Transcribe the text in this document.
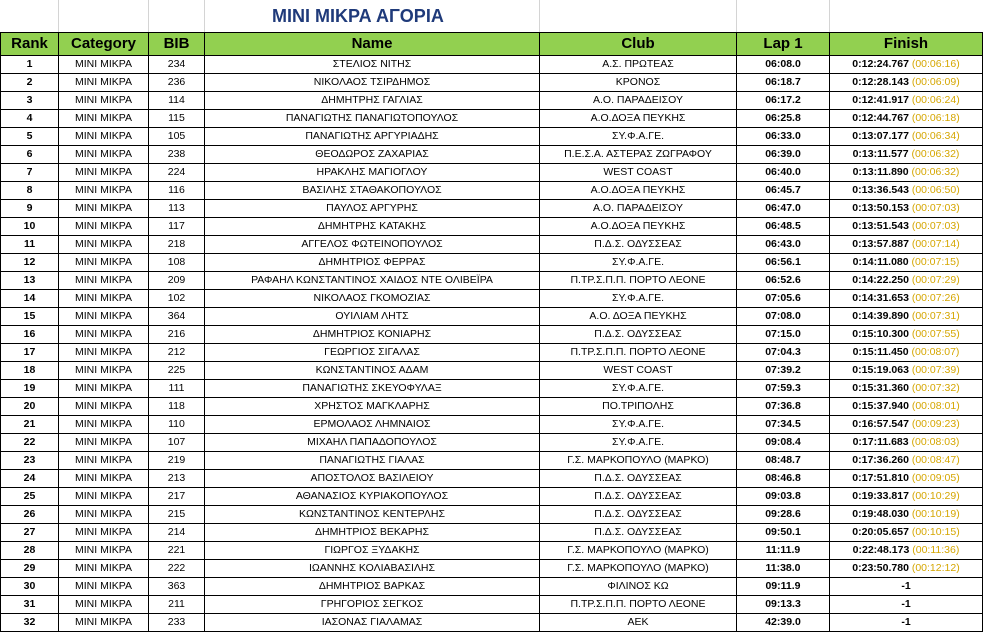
MINI ΜΙΚΡΑ ΑΓΟΡΙΑ
Rank	Category	BIB	Name	Club	Lap 1	Finish
1	MINI ΜΙΚΡΑ	234	ΣΤΕΛΙΟΣ ΝΙΤΗΣ	Α.Σ. ΠΡΩΤΕΑΣ	06:08.0	0:12:24.767 (00:06:16)
2	MINI ΜΙΚΡΑ	236	ΝΙΚΟΛΑΟΣ ΤΣΙΡΔΗΜΟΣ	ΚΡΟΝΟΣ	06:18.7	0:12:28.143 (00:06:09)
3	MINI ΜΙΚΡΑ	114	ΔΗΜΗΤΡΗΣ ΓΑΓΛΙΑΣ	Α.Ο. ΠΑΡΑΔΕΙΣΟΥ	06:17.2	0:12:41.917 (00:06:24)
4	MINI ΜΙΚΡΑ	115	ΠΑΝΑΓΙΩΤΗΣ ΠΑΝΑΓΙΩΤΟΠΟΥΛΟΣ	Α.Ο.ΔΟΞΑ ΠΕΥΚΗΣ	06:25.8	0:12:44.767 (00:06:18)
5	MINI ΜΙΚΡΑ	105	ΠΑΝΑΓΙΩΤΗΣ ΑΡΓΥΡΙΑΔΗΣ	ΣΥ.Φ.Α.ΓΕ.	06:33.0	0:13:07.177 (00:06:34)
6	MINI ΜΙΚΡΑ	238	ΘΕΟΔΩΡΟΣ ΖΑΧΑΡΙΑΣ	Π.Ε.Σ.Α. ΑΣΤΕΡΑΣ ΖΩΓΡΑΦΟΥ	06:39.0	0:13:11.577 (00:06:32)
7	MINI ΜΙΚΡΑ	224	ΗΡΑΚΛΗΣ ΜΑΓΙΟΓΛΟΥ	WEST COAST	06:40.0	0:13:11.890 (00:06:32)
8	MINI ΜΙΚΡΑ	116	ΒΑΣΙΛΗΣ ΣΤΑΘΑΚΟΠΟΥΛΟΣ	Α.Ο.ΔΟΞΑ ΠΕΥΚΗΣ	06:45.7	0:13:36.543 (00:06:50)
9	MINI ΜΙΚΡΑ	113	ΠΑΥΛΟΣ ΑΡΓΥΡΗΣ	Α.Ο. ΠΑΡΑΔΕΙΣΟΥ	06:47.0	0:13:50.153 (00:07:03)
10	MINI ΜΙΚΡΑ	117	ΔΗΜΗΤΡΗΣ ΚΑΤΑΚΗΣ	Α.Ο.ΔΟΞΑ ΠΕΥΚΗΣ	06:48.5	0:13:51.543 (00:07:03)
11	MINI ΜΙΚΡΑ	218	ΑΓΓΕΛΟΣ ΦΩΤΕΙΝΟΠΟΥΛΟΣ	Π.Δ.Σ. ΟΔΥΣΣΕΑΣ	06:43.0	0:13:57.887 (00:07:14)
12	MINI ΜΙΚΡΑ	108	ΔΗΜΗΤΡΙΟΣ ΦΕΡΡΑΣ	ΣΥ.Φ.Α.ΓΕ.	06:56.1	0:14:11.080 (00:07:15)
13	MINI ΜΙΚΡΑ	209	ΡΑΦΑΗΛ ΚΩΝΣΤΑΝΤΙΝΟΣ ΧΑΙΔΟΣ ΝΤΕ ΟΛΙΒΕΪΡΑ	Π.ΤΡ.Σ.Π.Π. ΠΟΡΤΟ ΛΕΟΝΕ	06:52.6	0:14:22.250 (00:07:29)
14	MINI ΜΙΚΡΑ	102	ΝΙΚΟΛΑΟΣ ΓΚΟΜΟΖΙΑΣ	ΣΥ.Φ.Α.ΓΕ.	07:05.6	0:14:31.653 (00:07:26)
15	MINI ΜΙΚΡΑ	364	ΟΥΙΛΙΑΜ ΛΗΤΣ	Α.Ο. ΔΟΞΑ ΠΕΥΚΗΣ	07:08.0	0:14:39.890 (00:07:31)
16	MINI ΜΙΚΡΑ	216	ΔΗΜΗΤΡΙΟΣ ΚΟΝΙΑΡΗΣ	Π.Δ.Σ. ΟΔΥΣΣΕΑΣ	07:15.0	0:15:10.300 (00:07:55)
17	MINI ΜΙΚΡΑ	212	ΓΕΩΡΓΙΟΣ ΣΙΓΑΛΑΣ	Π.ΤΡ.Σ.Π.Π. ΠΟΡΤΟ ΛΕΟΝΕ	07:04.3	0:15:11.450 (00:08:07)
18	MINI ΜΙΚΡΑ	225	ΚΩΝΣΤΑΝΤΙΝΟΣ ΑΔΑΜ	WEST COAST	07:39.2	0:15:19.063 (00:07:39)
19	MINI ΜΙΚΡΑ	111	ΠΑΝΑΓΙΩΤΗΣ ΣΚΕΥΟΦΥΛΑΞ	ΣΥ.Φ.Α.ΓΕ.	07:59.3	0:15:31.360 (00:07:32)
20	MINI ΜΙΚΡΑ	118	ΧΡΗΣΤΟΣ ΜΑΓΚΛΑΡΗΣ	ΠΟ.ΤΡΙΠΟΛΗΣ	07:36.8	0:15:37.940 (00:08:01)
21	MINI ΜΙΚΡΑ	110	ΕΡΜΟΛΑΟΣ ΛΗΜΝΑΙΟΣ	ΣΥ.Φ.Α.ΓΕ.	07:34.5	0:16:57.547 (00:09:23)
22	MINI ΜΙΚΡΑ	107	ΜΙΧΑΗΛ ΠΑΠΑΔΟΠΟΥΛΟΣ	ΣΥ.Φ.Α.ΓΕ.	09:08.4	0:17:11.683 (00:08:03)
23	MINI ΜΙΚΡΑ	219	ΠΑΝΑΓΙΩΤΗΣ ΓΙΑΛΑΣ	Γ.Σ. ΜΑΡΚΟΠΟΥΛΟ (ΜΑΡΚΟ)	08:48.7	0:17:36.260 (00:08:47)
24	MINI ΜΙΚΡΑ	213	ΑΠΟΣΤΟΛΟΣ ΒΑΣΙΛΕΙΟΥ	Π.Δ.Σ. ΟΔΥΣΣΕΑΣ	08:46.8	0:17:51.810 (00:09:05)
25	MINI ΜΙΚΡΑ	217	ΑΘΑΝΑΣΙΟΣ ΚΥΡΙΑΚΟΠΟΥΛΟΣ	Π.Δ.Σ. ΟΔΥΣΣΕΑΣ	09:03.8	0:19:33.817 (00:10:29)
26	MINI ΜΙΚΡΑ	215	ΚΩΝΣΤΑΝΤΙΝΟΣ ΚΕΝΤΕΡΛΗΣ	Π.Δ.Σ. ΟΔΥΣΣΕΑΣ	09:28.6	0:19:48.030 (00:10:19)
27	MINI ΜΙΚΡΑ	214	ΔΗΜΗΤΡΙΟΣ ΒΕΚΑΡΗΣ	Π.Δ.Σ. ΟΔΥΣΣΕΑΣ	09:50.1	0:20:05.657 (00:10:15)
28	MINI ΜΙΚΡΑ	221	ΓΙΩΡΓΟΣ ΞΥΔΑΚΗΣ	Γ.Σ. ΜΑΡΚΟΠΟΥΛΟ (ΜΑΡΚΟ)	11:11.9	0:22:48.173 (00:11:36)
29	MINI ΜΙΚΡΑ	222	ΙΩΑΝΝΗΣ ΚΟΛΙΑΒΑΣΙΛΗΣ	Γ.Σ. ΜΑΡΚΟΠΟΥΛΟ (ΜΑΡΚΟ)	11:38.0	0:23:50.780 (00:12:12)
30	MINI ΜΙΚΡΑ	363	ΔΗΜΗΤΡΙΟΣ ΒΑΡΚΑΣ	ΦΙΛΙΝΟΣ ΚΩ	09:11.9	-1
31	MINI ΜΙΚΡΑ	211	ΓΡΗΓΟΡΙΟΣ ΣΕΓΚΟΣ	Π.ΤΡ.Σ.Π.Π. ΠΟΡΤΟ ΛΕΟΝΕ	09:13.3	-1
32	MINI ΜΙΚΡΑ	233	ΙΑΣΟΝΑΣ ΓΙΑΛΑΜΑΣ	ΑΕΚ	42:39.0	-1
